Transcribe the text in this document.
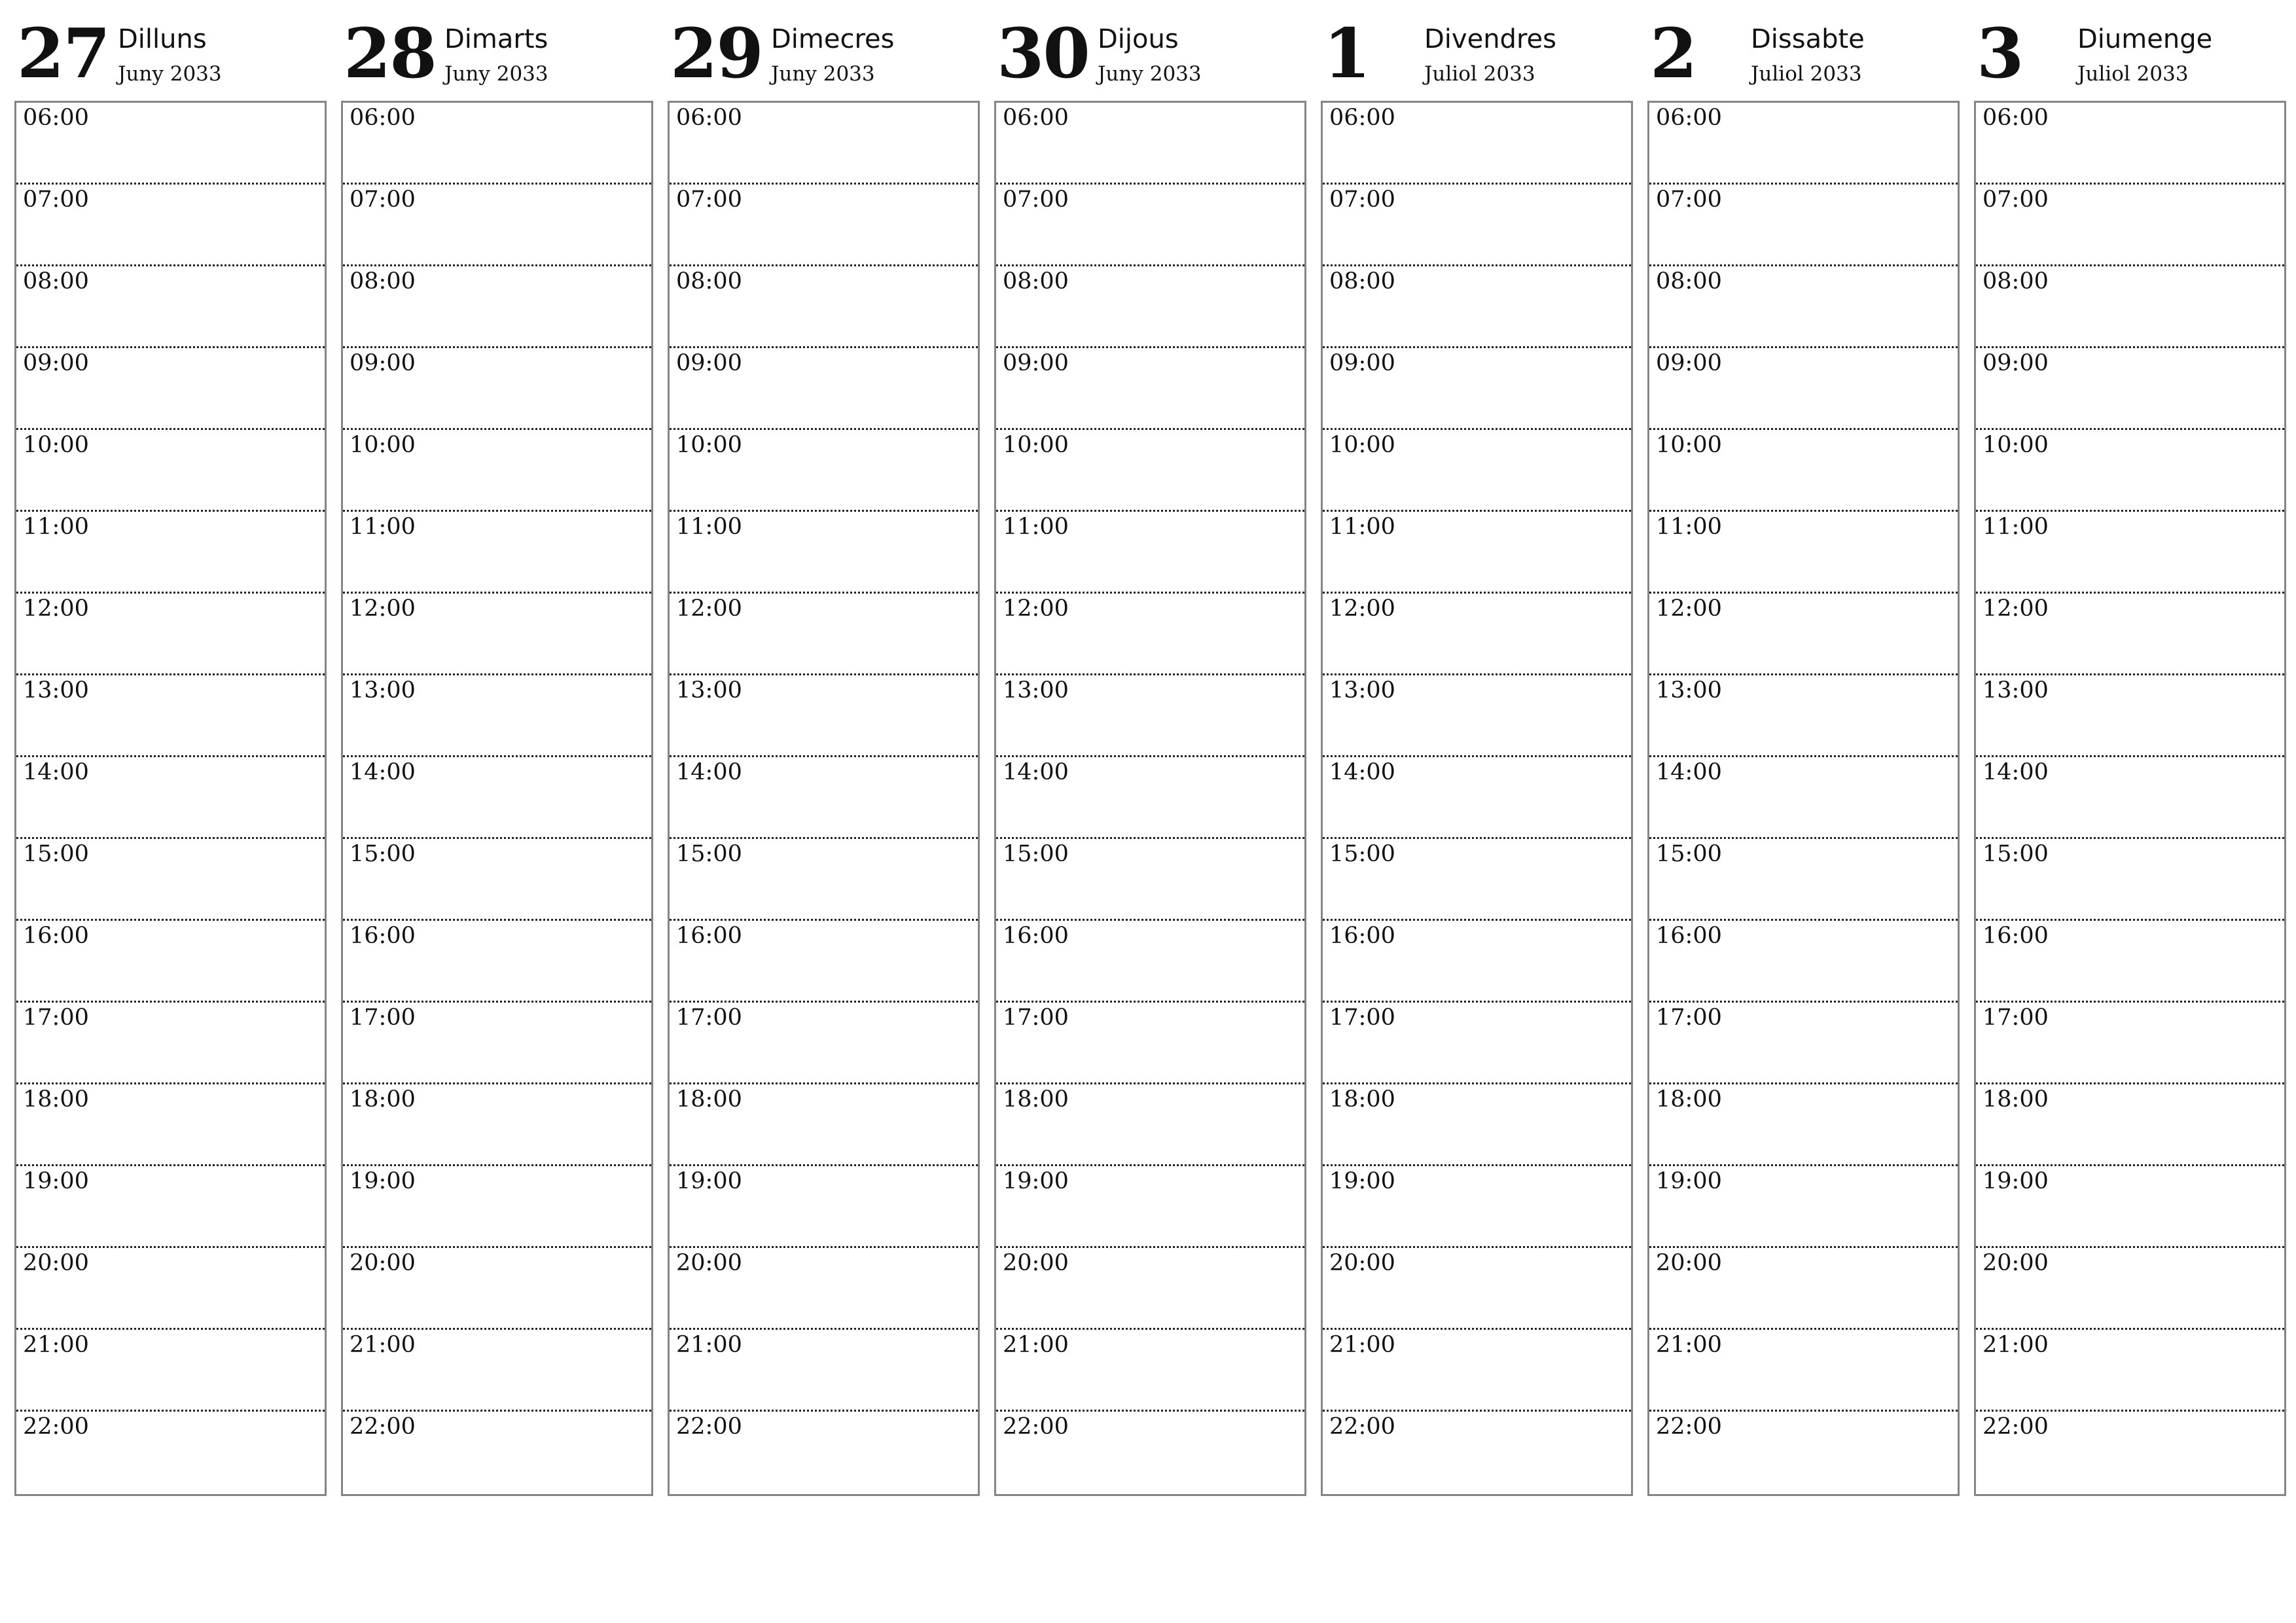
27 Dilluns
Juny 2033
06:00
07:00
08:00
09:00
10:00
11:00
12:00
13:00
14:00
15:00
16:00
17:00
18:00
19:00
20:00
21:00
22:00
28 Dimarts
Juny 2033
06:00
07:00
08:00
09:00
10:00
11:00
12:00
13:00
14:00
15:00
16:00
17:00
18:00
19:00
20:00
21:00
22:00
29 Dimecres
Juny 2033
06:00
07:00
08:00
09:00
10:00
11:00
12:00
13:00
14:00
15:00
16:00
17:00
18:00
19:00
20:00
21:00
22:00
30 Dijous
Juny 2033
06:00
07:00
08:00
09:00
10:00
11:00
12:00
13:00
14:00
15:00
16:00
17:00
18:00
19:00
20:00
21:00
22:00
1 Divendres
Juliol 2033
06:00
07:00
08:00
09:00
10:00
11:00
12:00
13:00
14:00
15:00
16:00
17:00
18:00
19:00
20:00
21:00
22:00
2 Dissabte
Juliol 2033
06:00
07:00
08:00
09:00
10:00
11:00
12:00
13:00
14:00
15:00
16:00
17:00
18:00
19:00
20:00
21:00
22:00
3 Diumenge
Juliol 2033
06:00
07:00
08:00
09:00
10:00
11:00
12:00
13:00
14:00
15:00
16:00
17:00
18:00
19:00
20:00
21:00
22:00
